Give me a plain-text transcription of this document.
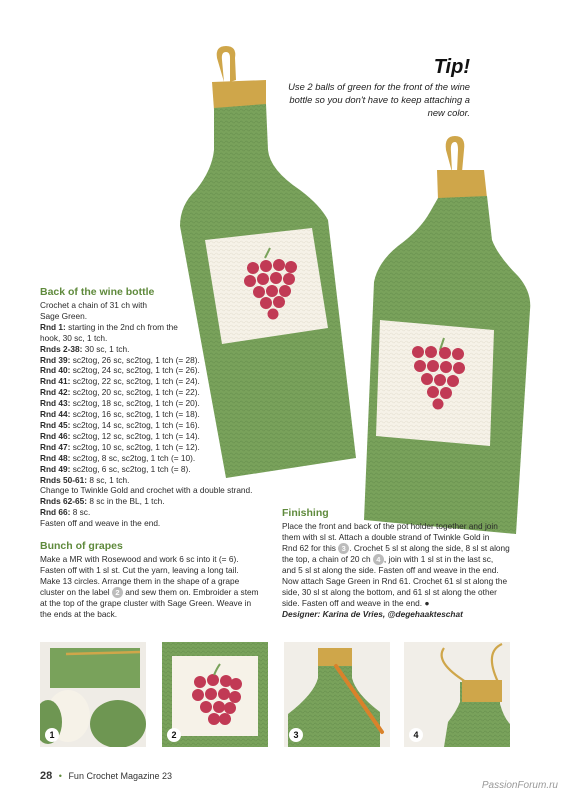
Tip!

Use 2 balls of green for the front of the wine bottle so you don't have to keep attaching a new color.

Back of the wine bottle
Crochet a chain of 31 ch with
Sage Green.
Rnd 1: starting in the 2nd ch from the
hook, 30 sc, 1 tch.
Rnds 2-38: 30 sc, 1 tch.
Rnd 39: sc2tog, 26 sc, sc2tog, 1 tch (= 28).
Rnd 40: sc2tog, 24 sc, sc2tog, 1 tch (= 26).
Rnd 41: sc2tog, 22 sc, sc2tog, 1 tch (= 24).
Rnd 42: sc2tog, 20 sc, sc2tog, 1 tch (= 22).
Rnd 43: sc2tog, 18 sc, sc2tog, 1 tch (= 20).
Rnd 44: sc2tog, 16 sc, sc2tog, 1 tch (= 18).
Rnd 45: sc2tog, 14 sc, sc2tog, 1 tch (= 16).
Rnd 46: sc2tog, 12 sc, sc2tog, 1 tch (= 14).
Rnd 47: sc2tog, 10 sc, sc2tog, 1 tch (= 12).
Rnd 48: sc2tog, 8 sc, sc2tog, 1 tch (= 10).
Rnd 49: sc2tog, 6 sc, sc2tog, 1 tch (= 8).
Rnds 50-61: 8 sc, 1 tch.
Change to Twinkle Gold and crochet with a double strand.
Rnds 62-65: 8 sc in the BL, 1 tch.
Rnd 66: 8 sc.
Fasten off and weave in the end.
Bunch of grapes
Make a MR with Rosewood and work 6 sc into it (= 6).
Fasten off with 1 sl st. Cut the yarn, leaving a long tail.
Make 13 circles. Arrange them in the shape of a grape
cluster on the label 2 and sew them on. Embroider a stem
at the top of the grape cluster with Sage Green. Weave in
the ends at the back.
Finishing
Place the front and back of the pot holder together and join
them with sl st. Attach a double strand of Twinkle Gold in
Rnd 62 for this 3 . Crochet 5 sl st along the side, 8 sl st along
the top, a chain of 20 ch 4 , join with 1 sl st in the last sc,
and 5 sl st along the side. Fasten off and weave in the end.
Now attach Sage Green in Rnd 61. Crochet 61 sl st along the
side, 30 sl st along the bottom, and 61 sl st along the other
side. Fasten off and weave in the end. ●
Designer: Karina de Vries, @degehaakteschat
1	2	3	4
28 • Fun Crochet Magazine 23
PassionForum.ru
